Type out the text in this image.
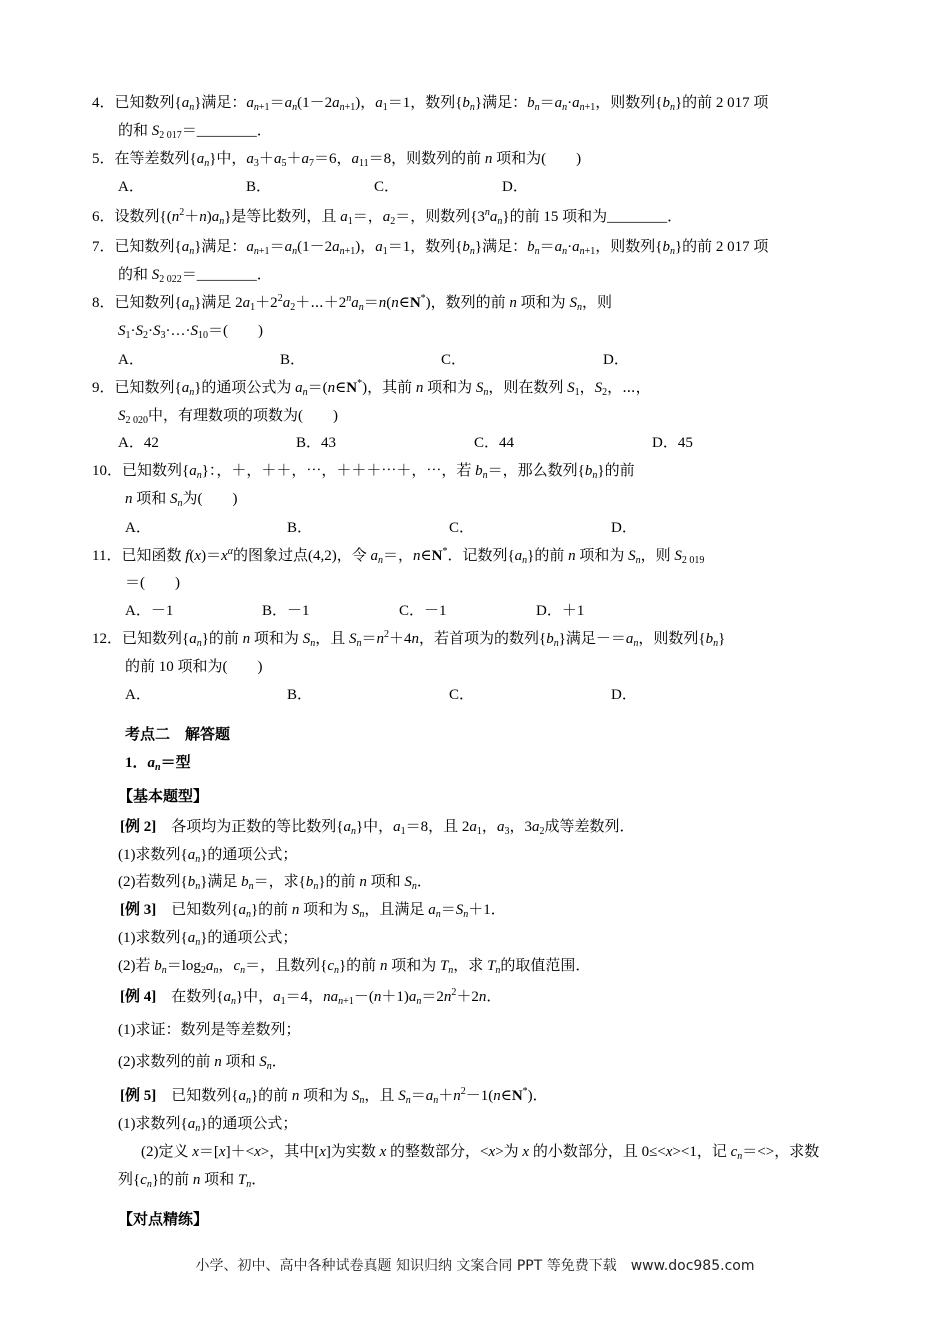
4．已知数列$\{a_n\}$满足：$a_{n+1}=a_n(1-2a_{n+1})$，$a_1=1$，数列$\{b_n\}$满足：$b_n=a_n\cdot a_{n+1}$，则数列$\{b_n\}$的前 2 017 项
的和 $S_{2 017}=\_\_\_\_\_\_\_\_$．
5．在等差数列$\{a_n\}$中，$a_3+a_5+a_7=6$，$a_{11}=8$，则数列的前 n 项和为(　　)
A．	B．	C．	D．
6．设数列$\{(n^2+n)a_n\}$是等比数列，且 $a_1=$，$a_2=$，则数列$\{3^na_n\}$的前 15 项和为________．
7．已知数列$\{a_n\}$满足：$a_{n+1}=a_n(1-2a_{n+1})$，$a_1=1$，数列$\{b_n\}$满足：$b_n=a_n\cdot a_{n+1}$，则数列$\{b_n\}$的前 2 017 项
的和 $S_{2 022}=\_\_\_\_\_\_\_\_$．
8．已知数列$\{a_n\}$满足 $2a_1+2^2a_2+\cdots+2^na_n=n(n\in N^*)$，数列的前 n 项和为 $S_n$，则
$S_1\cdot S_2\cdot S_3\cdot\dots\cdot S_{10}=$(　　)
A．	B．	C．	D．
9．已知数列$\{a_n\}$的通项公式为 $a_n=(n\in N^*)$，其前 n 项和为 $S_n$，则在数列 $S_1$，$S_2$，⋯，
$S_{2 020}$中，有理数项的项数为(　　)
A．42	B．43	C．44	D．45
10．已知数列$\{a_n\}$：，＋，＋＋，⋯，＋＋＋⋯＋，⋯，若 $b_n=$，那么数列$\{b_n\}$的前
n 项和 $S_n$为(　　)
A．	B．	C．	D．
11．已知函数 $f(x)=x^\alpha$的图象过点(4,2)，令 $a_n=$，n∈N*．记数列$\{a_n\}$的前 n 项和为 $S_n$，则 $S_{2 019}$
＝(　　)
A．－1	B．－1	C．－1	D．＋1
12．已知数列$\{a_n\}$的前 n 项和为 $S_n$，且 $S_n=n^2+4n$，若首项为的数列$\{b_n\}$满足$-=a_n$，则数列$\{b_n\}$
的前 10 项和为(　　)
A．	B．	C．	D．
考点二　解答题
1．$a_n=$型
【基本题型】
[例 2] 各项均为正数的等比数列$\{a_n\}$中，$a_1=8$，且 $2a_1$，$a_3$，$3a_2$成等差数列．
(1)求数列$\{a_n\}$的通项公式；
(2)若数列$\{b_n\}$满足 $b_n=$，求$\{b_n\}$的前 n 项和 $S_n$．
[例 3] 已知数列$\{a_n\}$的前 n 项和为 $S_n$，且满足 $a_n=S_n+1$．
(1)求数列$\{a_n\}$的通项公式；
(2)若 $b_n=\log_2a_n$，$c_n=$，且数列$\{c_n\}$的前 n 项和为 $T_n$，求 $T_n$的取值范围．
[例 4] 在数列$\{a_n\}$中，$a_1=4$，$na_{n+1}-(n+1)a_n=2n^2+2n$．
(1)求证：数列是等差数列；
(2)求数列的前 n 项和 $S_n$．
[例 5] 已知数列$\{a_n\}$的前 n 项和为 $S_n$，且 $S_n=a_n+n^2-1(n\in N^*)$．
(1)求数列$\{a_n\}$的通项公式；
(2)定义 x＝[x]＋<x>，其中[x]为实数 x 的整数部分，<x>为 x 的小数部分，且 0≤<x><1，记 $c_n=<>$，求数
列$\{c_n\}$的前 n 项和 $T_n$．
【对点精练】
小学、初中、高中各种试卷真题 知识归纳 文案合同 PPT 等免费下载　www.doc985.com
